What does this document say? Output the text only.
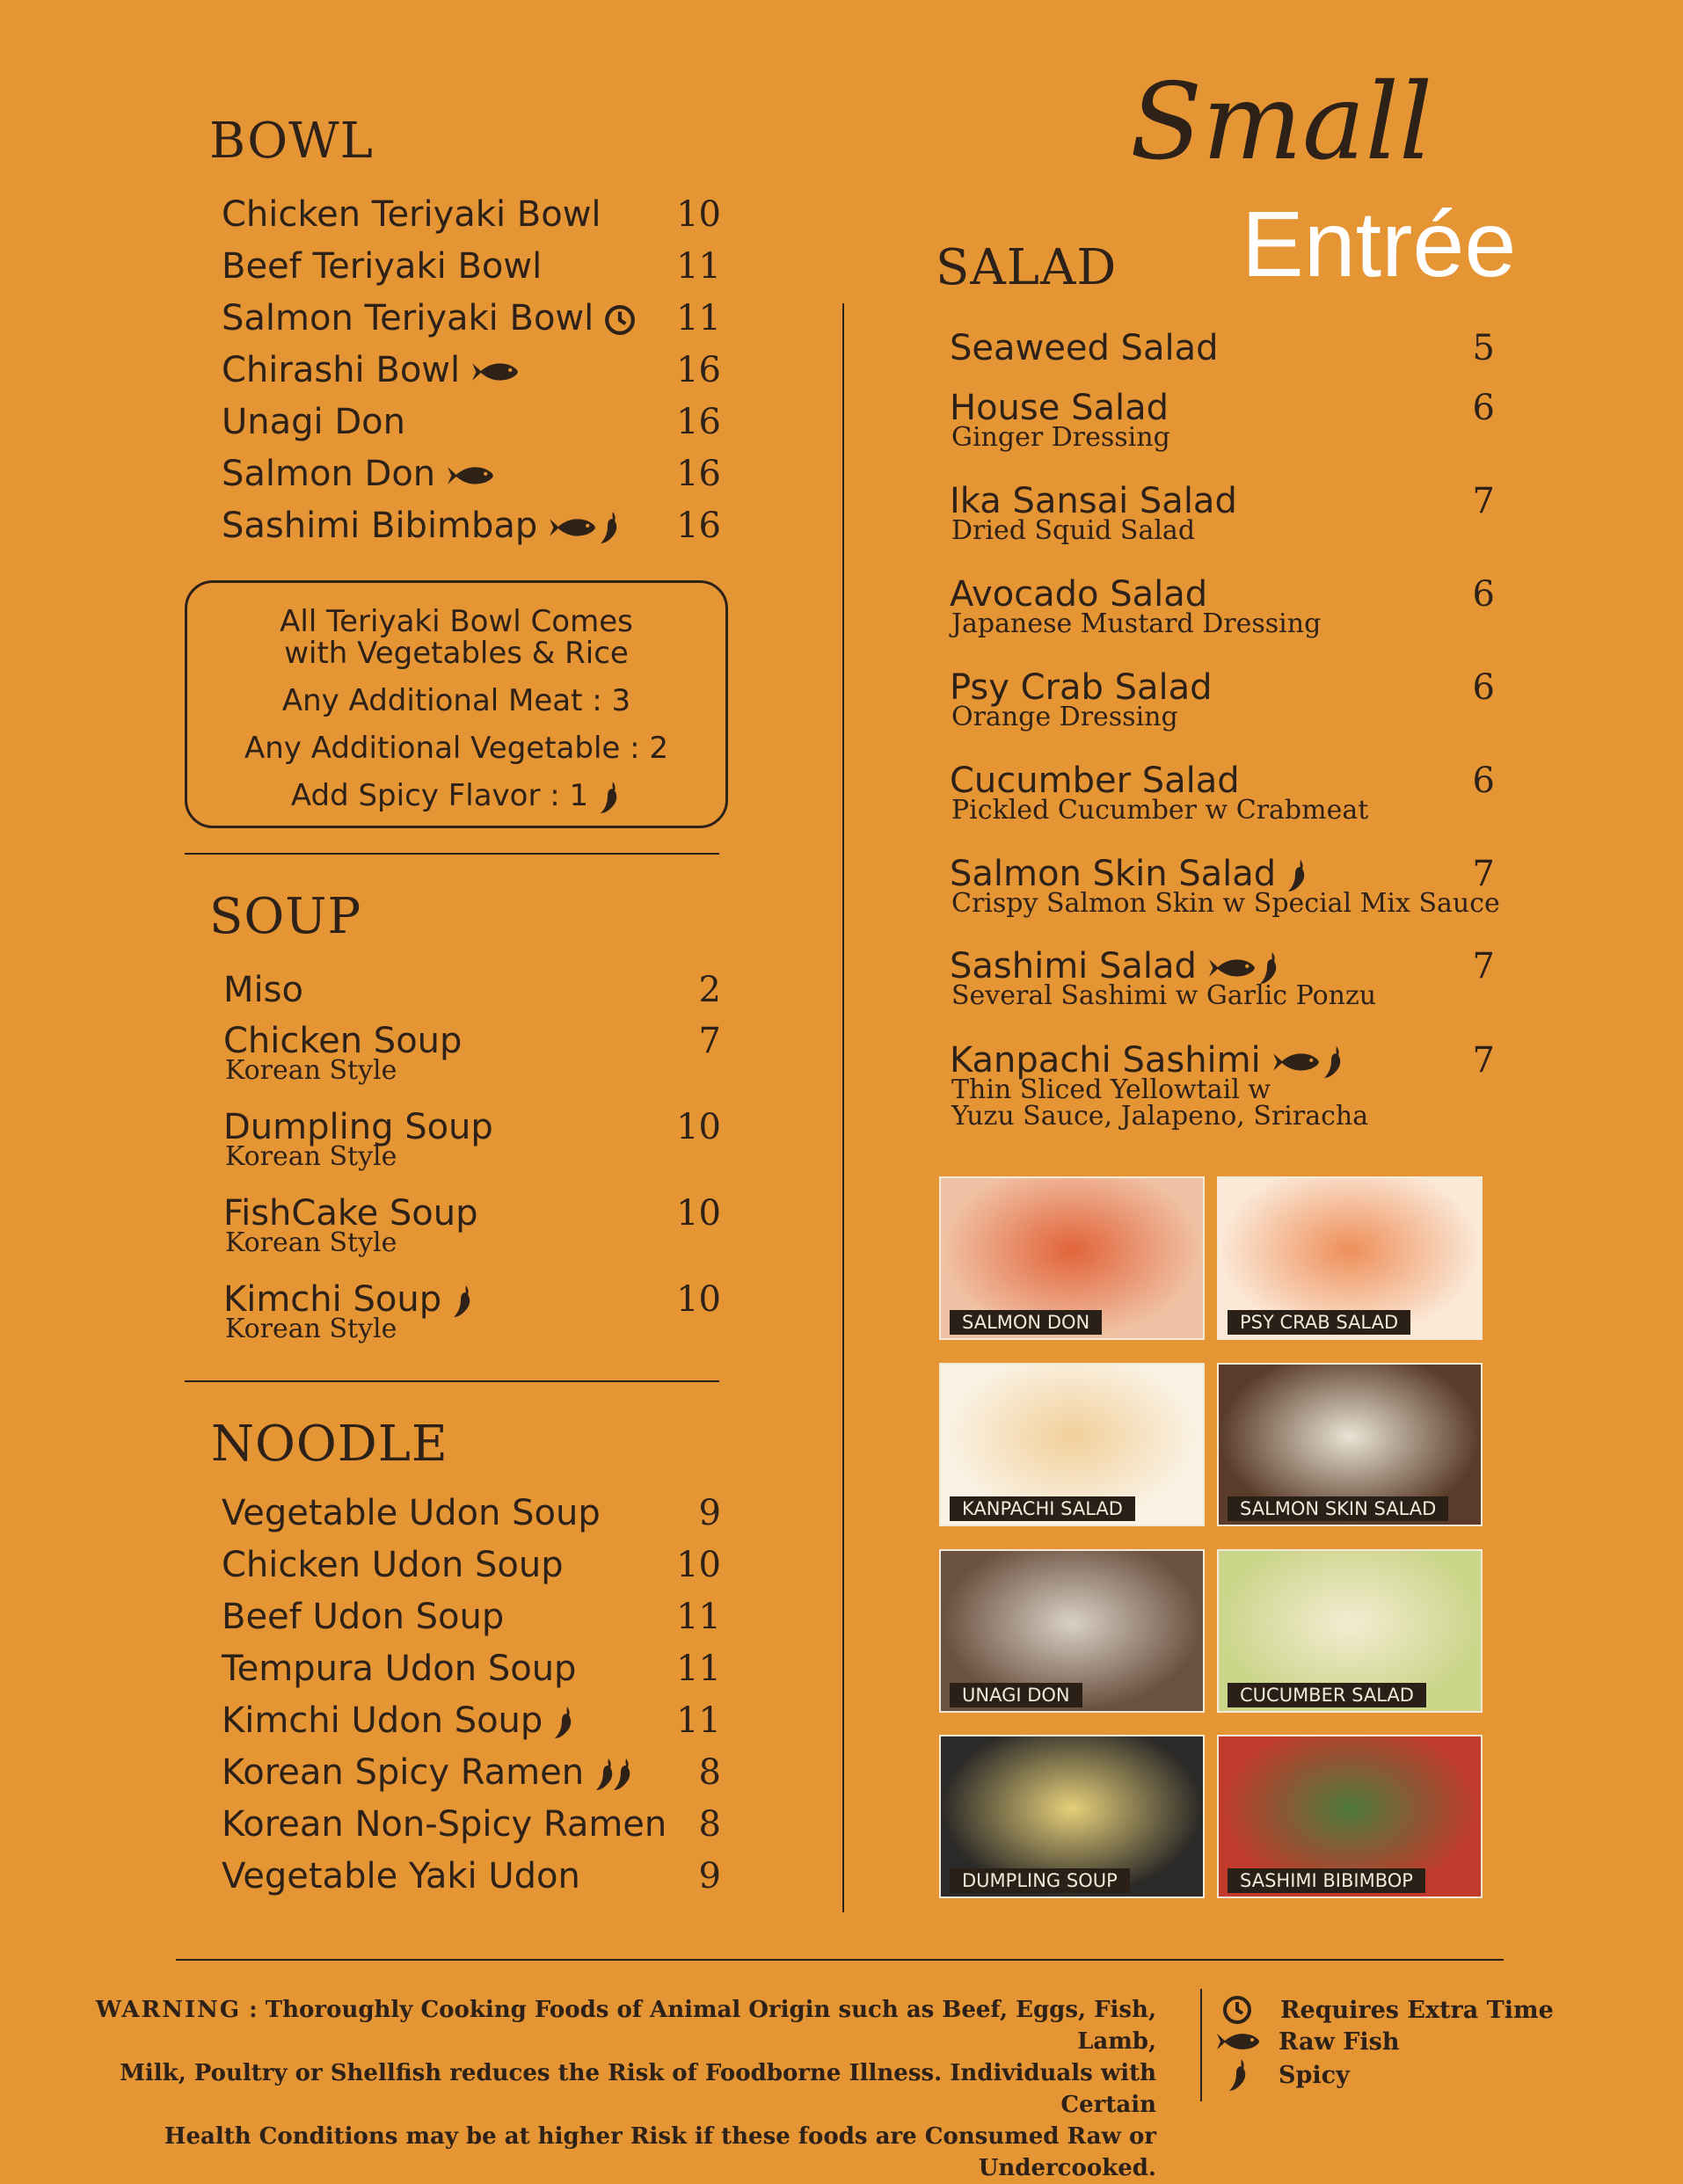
Small
Entrée
BOWL
Chicken Teriyaki Bowl	10
Beef Teriyaki Bowl	11
Salmon Teriyaki Bowl	11
Chirashi Bowl	16
Unagi Don	16
Salmon Don	16
Sashimi Bibimbap	16
All Teriyaki Bowl Comes
with Vegetables & Rice
Any Additional Meat : 3
Any Additional Vegetable : 2
Add Spicy Flavor : 1
SOUP
Miso	2
Chicken Soup	7
Korean Style
Dumpling Soup	10
Korean Style
FishCake Soup	10
Korean Style
Kimchi Soup	10
Korean Style
NOODLE
Vegetable Udon Soup	9
Chicken Udon Soup	10
Beef Udon Soup	11
Tempura Udon Soup	11
Kimchi Udon Soup	11
Korean Spicy Ramen	8
Korean Non-Spicy Ramen 8
Vegetable Yaki Udon	9
SALAD
Seaweed Salad	5
House Salad	6
Ginger Dressing
Ika Sansai Salad	7
Dried Squid Salad
Avocado Salad	6
Japanese Mustard Dressing
Psy Crab Salad	6
Orange Dressing
Cucumber Salad	6
Pickled Cucumber w Crabmeat
Salmon Skin Salad	7
Crispy Salmon Skin w Special Mix Sauce
Sashimi Salad	7
Several Sashimi w Garlic Ponzu
Kanpachi Sashimi	7
Thin Sliced Yellowtail w
Yuzu Sauce, Jalapeno, Sriracha
SALMON DON	PSY CRAB SALAD
KANPACHI SALAD	SALMON SKIN SALAD
UNAGI DON	CUCUMBER SALAD
DUMPLING SOUP	SASHIMI BIBIMBOP
WARNING : Thoroughly Cooking Foods of Animal Origin such as Beef, Eggs, Fish, Lamb,
Milk, Poultry or Shellfish reduces the Risk of Foodborne Illness. Individuals with Certain
Health Conditions may be at higher Risk if these foods are Consumed Raw or Undercooked.
Requires Extra Time
Raw Fish
Spicy
